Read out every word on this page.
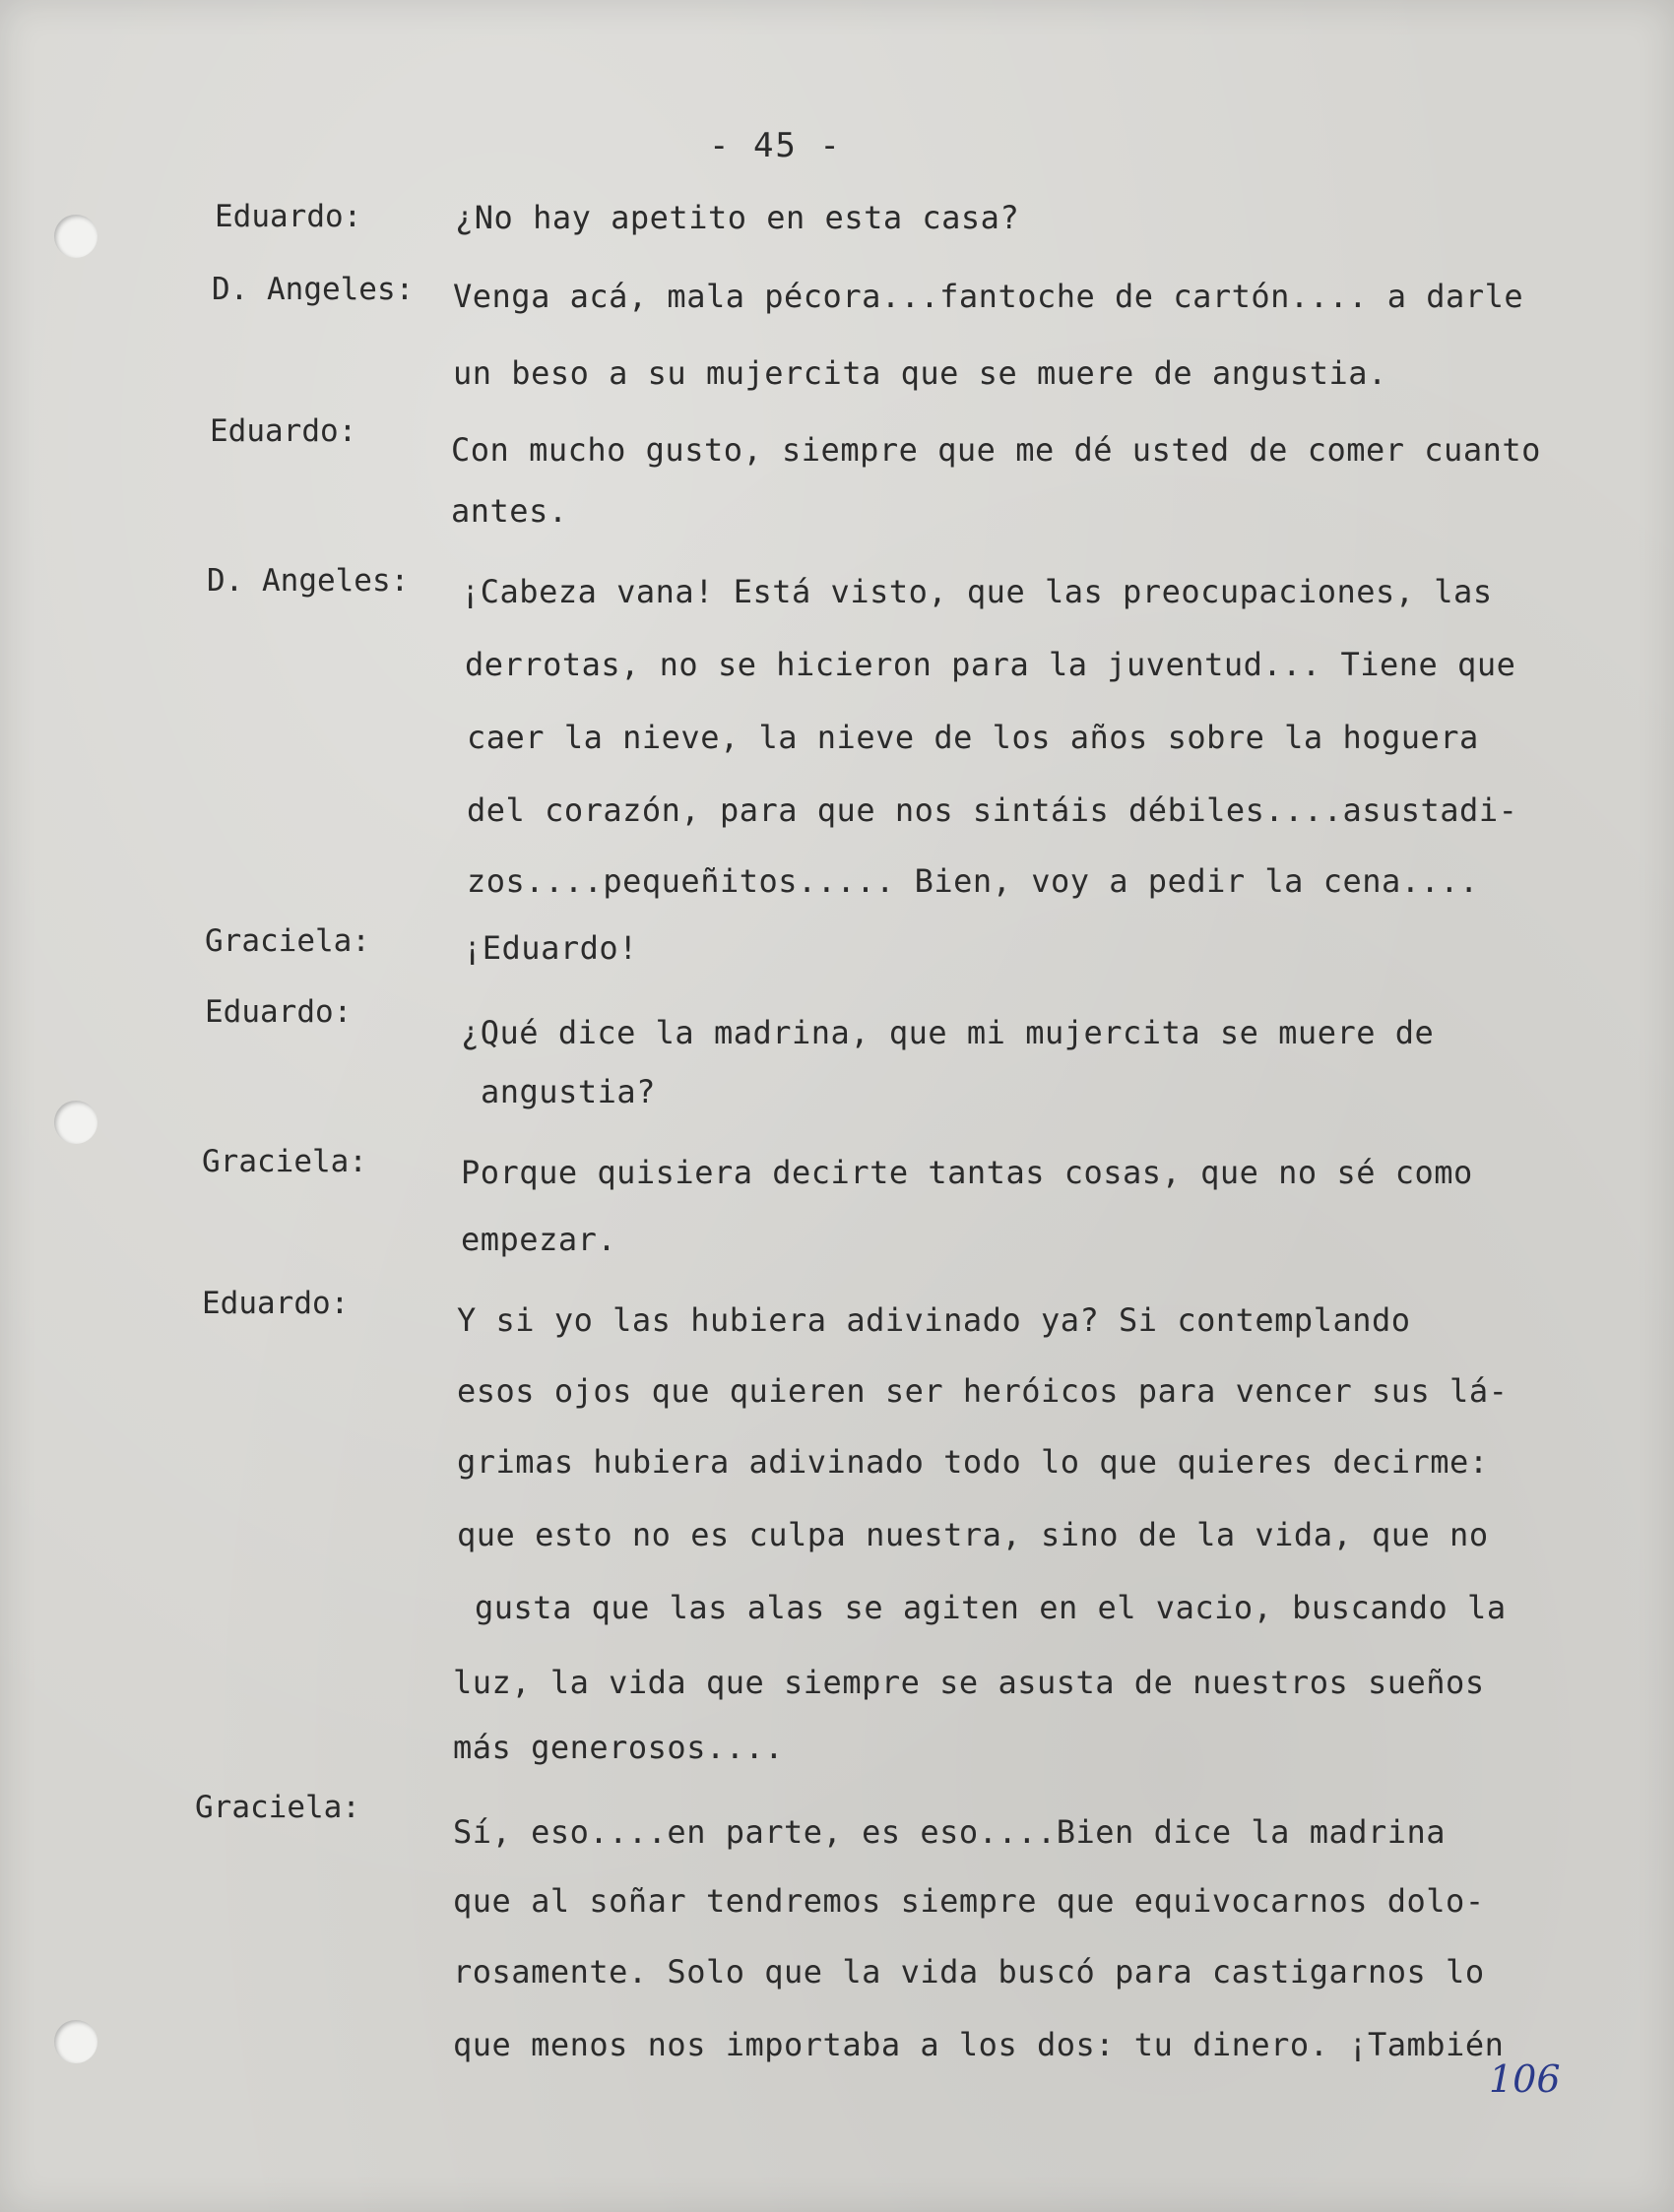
- 45 -
Eduardo:	¿No hay apetito en esta casa?
D. Angeles: Venga acá, mala pécora...fantoche de cartón.... a darle
un beso a su mujercita que se muere de angustia.
Eduardo:	Con mucho gusto, siempre que me dé usted de comer cuanto
antes.
D. Angeles: ¡Cabeza vana! Está visto, que las preocupaciones, las
derrotas, no se hicieron para la juventud... Tiene que
caer la nieve, la nieve de los años sobre la hoguera
del corazón, para que nos sintáis débiles....asustadi-
zos....pequeñitos..... Bien, voy a pedir la cena....
Graciela:	¡Eduardo!
Eduardo:
¿Qué dice la madrina, que mi mujercita se muere de
angustia?
Graciela:	Porque quisiera decirte tantas cosas, que no sé como
empezar.
Eduardo:	Y si yo las hubiera adivinado ya? Si contemplando
esos ojos que quieren ser heróicos para vencer sus lá-
grimas hubiera adivinado todo lo que quieres decirme:
que esto no es culpa nuestra, sino de la vida, que no
gusta que las alas se agiten en el vacio, buscando la
luz, la vida que siempre se asusta de nuestros sueños
más generosos....
Graciela:
Sí, eso....en parte, es eso....Bien dice la madrina
que al soñar tendremos siempre que equivocarnos dolo-
rosamente. Solo que la vida buscó para castigarnos lo
que menos nos importaba a los dos: tu dinero. ¡También
106
